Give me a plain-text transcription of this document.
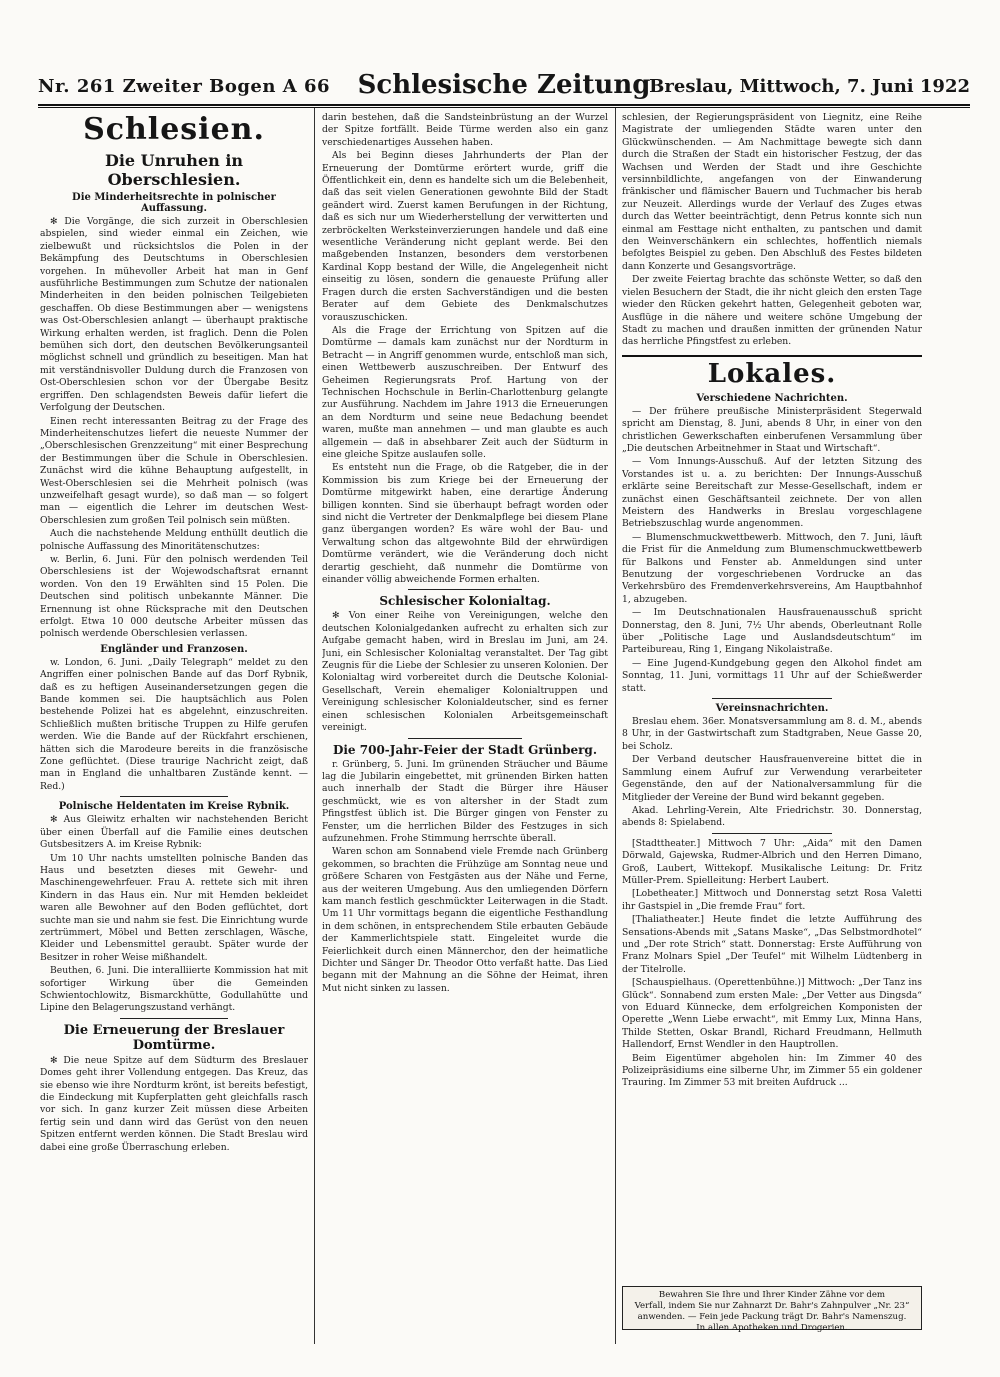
Nr. 261 Zweiter Bogen A 66 Schlesische Zeitung
Breslau, Mittwoch, 7. Juni 1922
Schlesien.
Die Unruhen in Oberschlesien.
Die Minderheitsrechte in polnischer Auffassung.

✻ Die Vorgänge, die sich zurzeit in Oberschlesien abspielen, sind wieder einmal ein Zeichen, wie zielbewußt und rücksichtslos die Polen in der Bekämpfung des Deutschtums in Oberschlesien vorgehen. In mühevoller Arbeit hat man in Genf ausführliche Bestimmungen zum Schutze der nationalen Minderheiten in den beiden polnischen Teilgebieten geschaffen. Ob diese Bestimmungen aber — wenigstens was Ost-Oberschlesien anlangt — überhaupt praktische Wirkung erhalten werden, ist fraglich. Denn die Polen bemühen sich dort, den deutschen Bevölkerungsanteil möglichst schnell und gründlich zu beseitigen. Man hat mit verständnisvoller Duldung durch die Franzosen von Ost-Oberschlesien schon vor der Übergabe Besitz ergriffen. Den schlagendsten Beweis dafür liefert die Verfolgung der Deutschen.

Einen recht interessanten Beitrag zu der Frage des Minderheitenschutzes liefert die neueste Nummer der „Oberschlesischen Grenzzeitung“ mit einer Besprechung der Bestimmungen über die Schule in Oberschlesien. Zunächst wird die kühne Behauptung aufgestellt, in West-Oberschlesien sei die Mehrheit polnisch (was unzweifelhaft gesagt wurde), so daß man — so folgert man — eigentlich die Lehrer im deutschen West-Oberschlesien zum großen Teil polnisch sein müßten.

Auch die nachstehende Meldung enthüllt deutlich die polnische Auffassung des Minoritätenschutzes:

w. Berlin, 6. Juni. Für den polnisch werdenden Teil Oberschlesiens ist der Wojewodschaftsrat ernannt worden. Von den 19 Erwählten sind 15 Polen. Die Deutschen sind politisch unbekannte Männer. Die Ernennung ist ohne Rücksprache mit den Deutschen erfolgt. Etwa 10 000 deutsche Arbeiter müssen das polnisch werdende Oberschlesien verlassen.

Engländer und Franzosen.

w. London, 6. Juni. „Daily Telegraph“ meldet zu den Angriffen einer polnischen Bande auf das Dorf Rybnik, daß es zu heftigen Auseinandersetzungen gegen die Bande kommen sei. Die hauptsächlich aus Polen bestehende Polizei hat es abgelehnt, einzuschreiten. Schließlich mußten britische Truppen zu Hilfe gerufen werden. Wie die Bande auf der Rückfahrt erschienen, hätten sich die Marodeure bereits in die französische Zone geflüchtet. (Diese traurige Nachricht zeigt, daß man in England die unhaltbaren Zustände kennt. — Red.)

Polnische Heldentaten im Kreise Rybnik.

✻ Aus Gleiwitz erhalten wir nachstehenden Bericht über einen Überfall auf die Familie eines deutschen Gutsbesitzers A. im Kreise Rybnik:

Um 10 Uhr nachts umstellten polnische Banden das Haus und besetzten dieses mit Gewehr- und Maschinengewehrfeuer. Frau A. rettete sich mit ihren Kindern in das Haus ein. Nur mit Hemden bekleidet waren alle Bewohner auf den Boden geflüchtet, dort suchte man sie und nahm sie fest. Die Einrichtung wurde zertrümmert, Möbel und Betten zerschlagen, Wäsche, Kleider und Lebensmittel geraubt. Später wurde der Besitzer in roher Weise mißhandelt.

Beuthen, 6. Juni. Die interalliierte Kommission hat mit sofortiger Wirkung über die Gemeinden Schwientochlowitz, Bismarckhütte, Godullahütte und Lipine den Belagerungszustand verhängt.

Die Erneuerung der Breslauer Domtürme.

✻ Die neue Spitze auf dem Südturm des Breslauer Domes geht ihrer Vollendung entgegen. Das Kreuz, das sie ebenso wie ihre Nordturm krönt, ist bereits befestigt, die Eindeckung mit Kupferplatten geht gleichfalls rasch vor sich. In ganz kurzer Zeit müssen diese Arbeiten fertig sein und dann wird das Gerüst von den neuen Spitzen entfernt werden können. Die Stadt Breslau wird dabei eine große Überraschung erleben.

darin bestehen, daß die Sandsteinbrüstung an der Wurzel der Spitze fortfällt. Beide Türme werden also ein ganz verschiedenartiges Aussehen haben.

Als bei Beginn dieses Jahrhunderts der Plan der Erneuerung der Domtürme erörtert wurde, griff die Öffentlichkeit ein, denn es handelte sich um die Belebenheit, daß das seit vielen Generationen gewohnte Bild der Stadt geändert wird. Zuerst kamen Berufungen in der Richtung, daß es sich nur um Wiederherstellung der verwitterten und zerbröckelten Werksteinverzierungen handele und daß eine wesentliche Veränderung nicht geplant werde. Bei den maßgebenden Instanzen, besonders dem verstorbenen Kardinal Kopp bestand der Wille, die Angelegenheit nicht einseitig zu lösen, sondern die genaueste Prüfung aller Fragen durch die ersten Sachverständigen und die besten Berater auf dem Gebiete des Denkmalschutzes vorauszuschicken.

Als die Frage der Errichtung von Spitzen auf die Domtürme — damals kam zunächst nur der Nordturm in Betracht — in Angriff genommen wurde, entschloß man sich, einen Wettbewerb auszuschreiben. Der Entwurf des Geheimen Regierungsrats Prof. Hartung von der Technischen Hochschule in Berlin-Charlottenburg gelangte zur Ausführung. Nachdem im Jahre 1913 die Erneuerungen an dem Nordturm und seine neue Bedachung beendet waren, mußte man annehmen — und man glaubte es auch allgemein — daß in absehbarer Zeit auch der Südturm in eine gleiche Spitze auslaufen solle.

Es entsteht nun die Frage, ob die Ratgeber, die in der Kommission bis zum Kriege bei der Erneuerung der Domtürme mitgewirkt haben, eine derartige Änderung billigen konnten. Sind sie überhaupt befragt worden oder sind nicht die Vertreter der Denkmalpflege bei diesem Plane ganz übergangen worden? Es wäre wohl der Bau- und Verwaltung schon das altgewohnte Bild der ehrwürdigen Domtürme verändert, wie die Veränderung doch nicht derartig geschieht, daß nunmehr die Domtürme von einander völlig abweichende Formen erhalten.

Schlesischer Kolonialtag.

✻ Von einer Reihe von Vereinigungen, welche den deutschen Kolonialgedanken aufrecht zu erhalten sich zur Aufgabe gemacht haben, wird in Breslau im Juni, am 24. Juni, ein Schlesischer Kolonialtag veranstaltet. Der Tag gibt Zeugnis für die Liebe der Schlesier zu unseren Kolonien. Der Kolonialtag wird vorbereitet durch die Deutsche Kolonial-Gesellschaft, Verein ehemaliger Kolonialtruppen und Vereinigung schlesischer Kolonialdeutscher, sind es ferner einen schlesischen Kolonialen Arbeitsgemeinschaft vereinigt.

Die 700-Jahr-Feier der Stadt Grünberg.

r. Grünberg, 5. Juni. Im grünenden Sträucher und Bäume lag die Jubilarin eingebettet, mit grünenden Birken hatten auch innerhalb der Stadt die Bürger ihre Häuser geschmückt, wie es von altersher in der Stadt zum Pfingstfest üblich ist. Die Bürger gingen von Fenster zu Fenster, um die herrlichen Bilder des Festzuges in sich aufzunehmen. Frohe Stimmung herrschte überall.

Waren schon am Sonnabend viele Fremde nach Grünberg gekommen, so brachten die Frühzüge am Sonntag neue und größere Scharen von Festgästen aus der Nähe und Ferne, aus der weiteren Umgebung. Aus den umliegenden Dörfern kam manch festlich geschmückter Leiterwagen in die Stadt. Um 11 Uhr vormittags begann die eigentliche Festhandlung in dem schönen, in entsprechendem Stile erbauten Gebäude der Kammerlichtspiele statt. Eingeleitet wurde die Feierlichkeit durch einen Männerchor, den der heimatliche Dichter und Sänger Dr. Theodor Otto verfaßt hatte. Das Lied begann mit der Mahnung an die Söhne der Heimat, ihren Mut nicht sinken zu lassen.

schlesien, der Regierungspräsident von Liegnitz, eine Reihe Magistrate der umliegenden Städte waren unter den Glückwünschenden. — Am Nachmittage bewegte sich dann durch die Straßen der Stadt ein historischer Festzug, der das Wachsen und Werden der Stadt und ihre Geschichte versinnbildlichte, angefangen von der Einwanderung fränkischer und flämischer Bauern und Tuchmacher bis herab zur Neuzeit. Allerdings wurde der Verlauf des Zuges etwas durch das Wetter beeinträchtigt, denn Petrus konnte sich nun einmal am Festtage nicht enthalten, zu pantschen und damit den Weinverschänkern ein schlechtes, hoffentlich niemals befolgtes Beispiel zu geben. Den Abschluß des Festes bildeten dann Konzerte und Gesangsvorträge.

Der zweite Feiertag brachte das schönste Wetter, so daß den vielen Besuchern der Stadt, die ihr nicht gleich den ersten Tage wieder den Rücken gekehrt hatten, Gelegenheit geboten war, Ausflüge in die nähere und weitere schöne Umgebung der Stadt zu machen und draußen inmitten der grünenden Natur das herrliche Pfingstfest zu erleben.

Lokales.
Verschiedene Nachrichten.

— Der frühere preußische Ministerpräsident Stegerwald spricht am Dienstag, 8. Juni, abends 8 Uhr, in einer von den christlichen Gewerkschaften einberufenen Versammlung über „Die deutschen Arbeitnehmer in Staat und Wirtschaft“.

— Vom Innungs-Ausschuß. Auf der letzten Sitzung des Vorstandes ist u. a. zu berichten: Der Innungs-Ausschuß erklärte seine Bereitschaft zur Messe-Gesellschaft, indem er zunächst einen Geschäftsanteil zeichnete. Der von allen Meistern des Handwerks in Breslau vorgeschlagene Betriebszuschlag wurde angenommen.

— Blumenschmuckwettbewerb. Mittwoch, den 7. Juni, läuft die Frist für die Anmeldung zum Blumenschmuckwettbewerb für Balkons und Fenster ab. Anmeldungen sind unter Benutzung der vorgeschriebenen Vordrucke an das Verkehrsbüro des Fremdenverkehrsvereins, Am Hauptbahnhof 1, abzugeben.

— Im Deutschnationalen Hausfrauenausschuß spricht Donnerstag, den 8. Juni, 7½ Uhr abends, Oberleutnant Rolle über „Politische Lage und Auslandsdeutschtum“ im Parteibureau, Ring 1, Eingang Nikolaistraße.

— Eine Jugend-Kundgebung gegen den Alkohol findet am Sonntag, 11. Juni, vormittags 11 Uhr auf der Schießwerder statt.

Vereinsnachrichten.

Breslau ehem. 36er. Monatsversammlung am 8. d. M., abends 8 Uhr, in der Gastwirtschaft zum Stadtgraben, Neue Gasse 20, bei Scholz.

Der Verband deutscher Hausfrauenvereine bittet die in Sammlung einem Aufruf zur Verwendung verarbeiteter Gegenstände, den auf der Nationalversammlung für die Mitglieder der Vereine der Bund wird bekannt gegeben.

Akad. Lehrling-Verein, Alte Friedrichstr. 30. Donnerstag, abends 8: Spielabend.

[Stadttheater.] Mittwoch 7 Uhr: „Aida“ mit den Damen Dörwald, Gajewska, Rudmer-Albrich und den Herren Dimano, Groß, Laubert, Wittekopf. Musikalische Leitung: Dr. Fritz Müller-Prem. Spielleitung: Herbert Laubert.

[Lobetheater.] Mittwoch und Donnerstag setzt Rosa Valetti ihr Gastspiel in „Die fremde Frau“ fort.

[Thaliatheater.] Heute findet die letzte Aufführung des Sensations-Abends mit „Satans Maske“, „Das Selbstmordhotel“ und „Der rote Strich“ statt. Donnerstag: Erste Aufführung von Franz Molnars Spiel „Der Teufel“ mit Wilhelm Lüdtenberg in der Titelrolle.

[Schauspielhaus. (Operettenbühne.)] Mittwoch: „Der Tanz ins Glück“. Sonnabend zum ersten Male: „Der Vetter aus Dingsda“ von Eduard Künnecke, dem erfolgreichen Komponisten der Operette „Wenn Liebe erwacht“, mit Emmy Lux, Minna Hans, Thilde Stetten, Oskar Brandl, Richard Freudmann, Hellmuth Hallendorf, Ernst Wendler in den Hauptrollen.

Beim Eigentümer abgeholen hin: Im Zimmer 40 des Polizeipräsidiums eine silberne Uhr, im Zimmer 55 ein goldener Trauring. Im Zimmer 53 mit breiten Aufdruck ...

Bewahren Sie Ihre und Ihrer Kinder Zähne vor dem
Verfall, indem Sie nur Zahnarzt Dr. Bahr's Zahnpulver „Nr. 23“
anwenden. — Fein jede Packung trägt Dr. Bahr's Namenszug.
In allen Apotheken und Drogerien.
